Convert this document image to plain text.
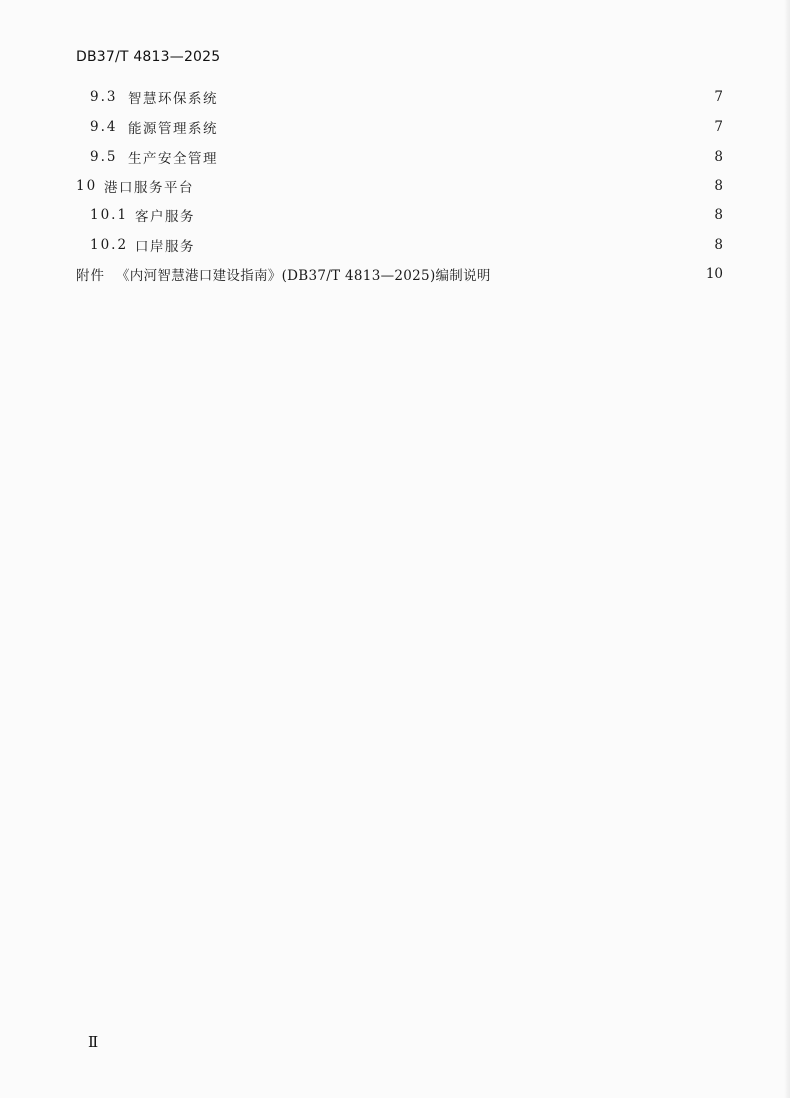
DB37/T 4813—2025
9.3 智慧环保系统	7
9.4 能源管理系统	7
9.5 生产安全管理	8
10 港口服务平台	8
10.1 客户服务	8
10.2 口岸服务	8
附件 《内河智慧港口建设指南》(DB37/T 4813—2025)编制说明	10
Ⅱ
